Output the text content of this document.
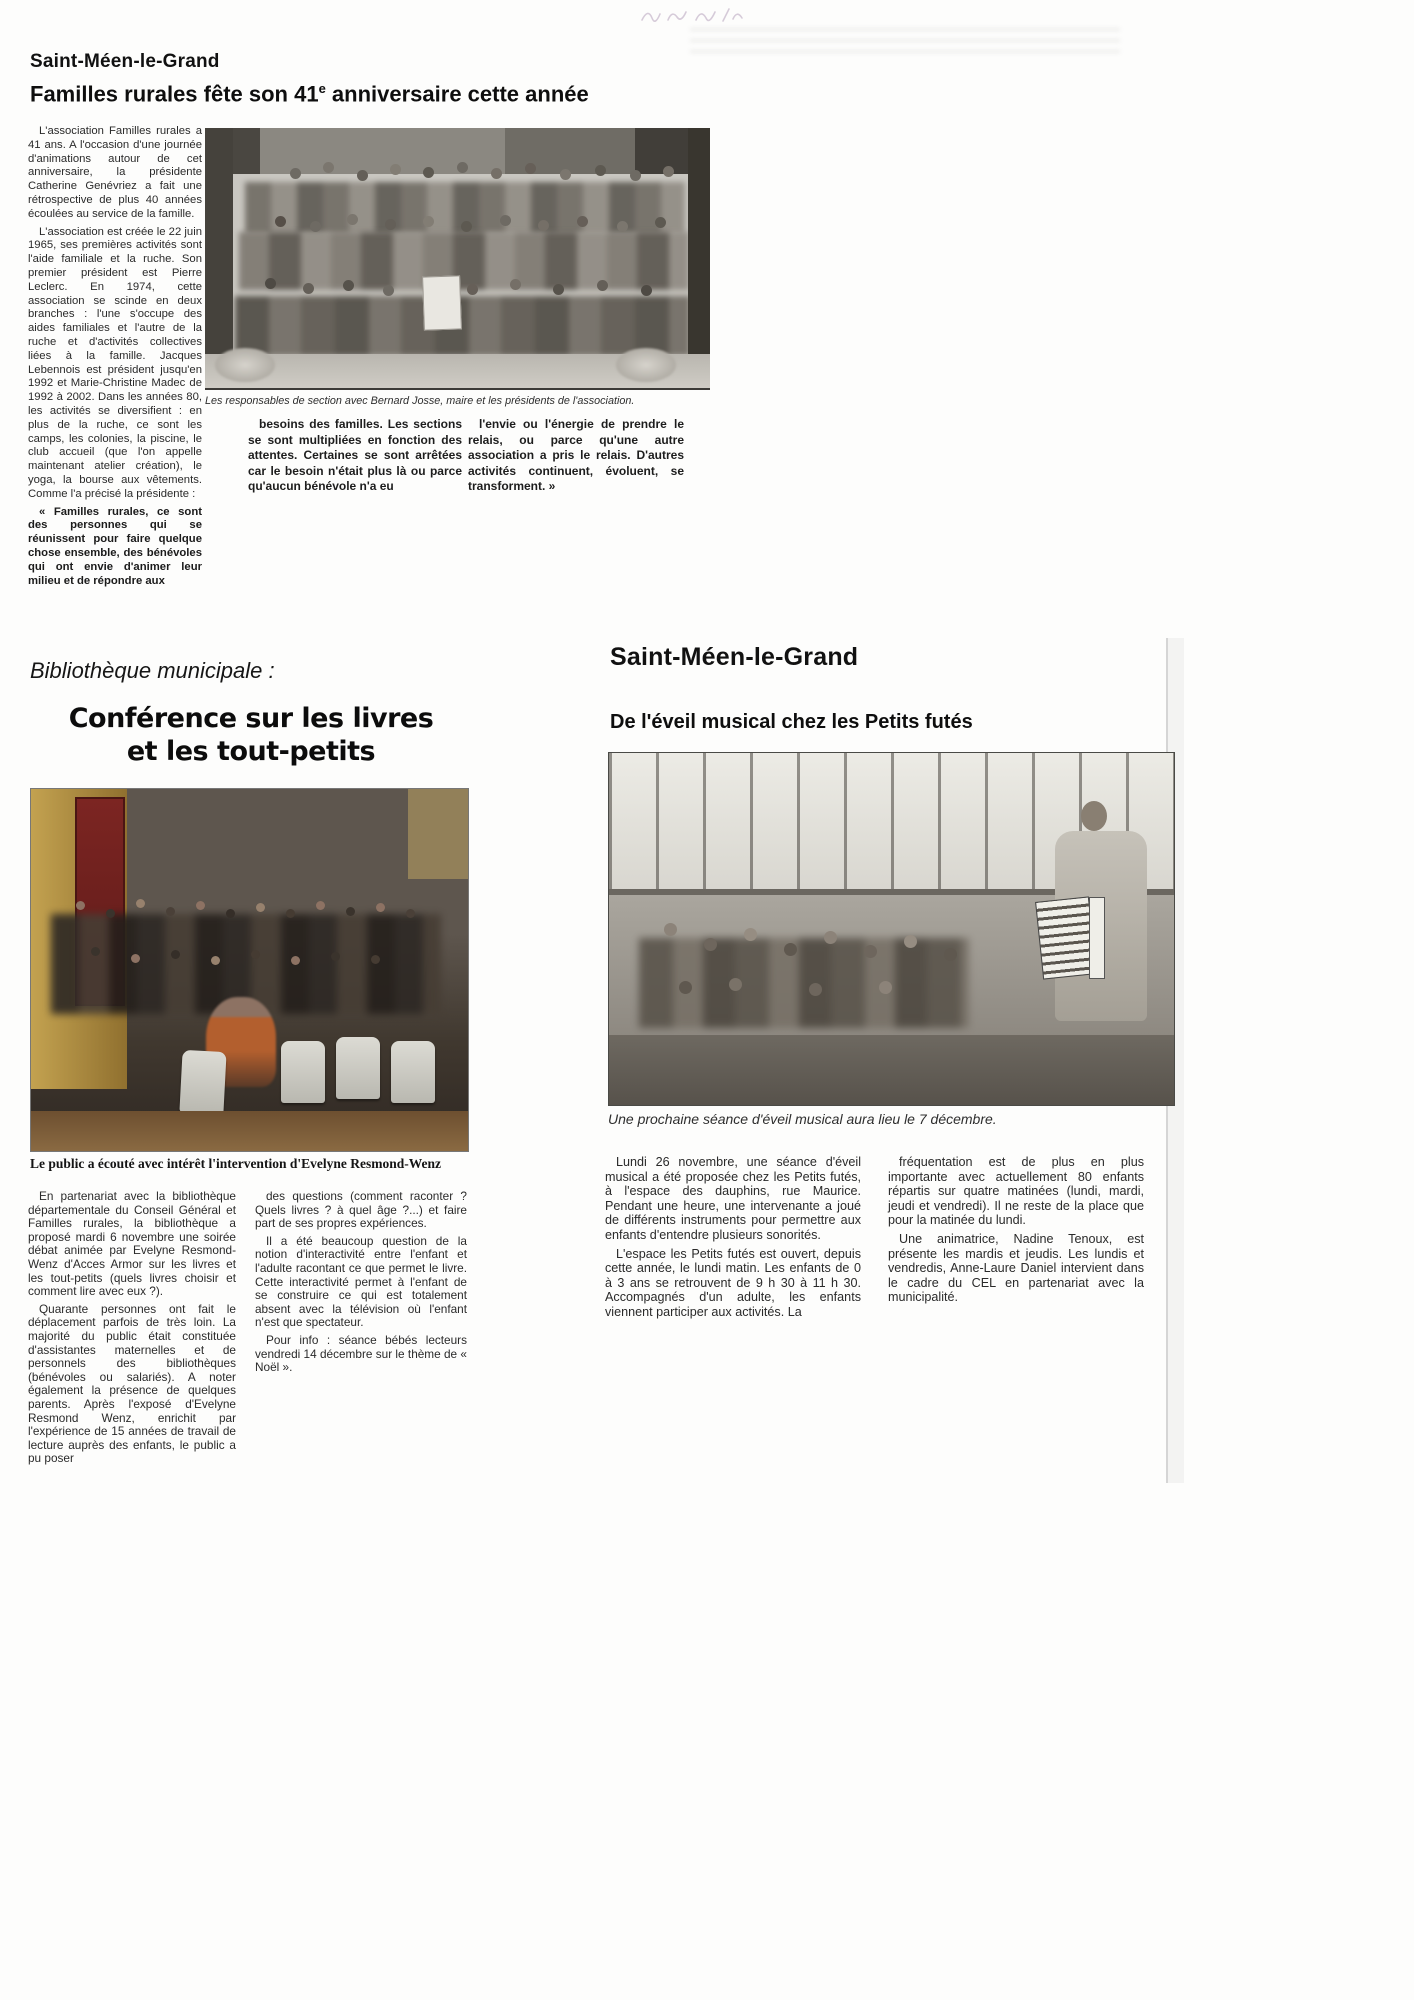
Saint-Méen-le-Grand
Familles rurales fête son 41e anniversaire cette année

L'association Familles rurales a 41 ans. A l'occasion d'une journée d'animations autour de cet anniversaire, la présidente Catherine Genévriez a fait une rétrospective de plus 40 années écoulées au service de la famille.

L'association est créée le 22 juin 1965, ses premières activités sont l'aide familiale et la ruche. Son premier président est Pierre Leclerc. En 1974, cette association se scinde en deux branches : l'une s'occupe des aides familiales et l'autre de la ruche et d'activités collectives liées à la famille. Jacques Lebennois est président jusqu'en 1992 et Marie-Christine Madec de 1992 à 2002. Dans les années 80, les activités se diversifient : en plus de la ruche, ce sont les camps, les colonies, la piscine, le club accueil (que l'on appelle maintenant atelier création), le yoga, la bourse aux vêtements. Comme l'a précisé la présidente :

« Familles rurales, ce sont des personnes qui se réunissent pour faire quelque chose ensemble, des bénévoles qui ont envie d'animer leur milieu et de répondre aux

Les responsables de section avec Bernard Josse, maire et les présidents de l'association.

besoins des familles. Les sections se sont multipliées en fonction des attentes. Certaines se sont arrêtées car le besoin n'était plus là ou parce qu'aucun bénévole n'a eu

l'envie ou l'énergie de prendre le relais, ou parce qu'une autre association a pris le relais. D'autres activités continuent, évoluent, se transforment. »

Bibliothèque municipale :
Conférence sur les livres
et les tout-petits
Le public a écouté avec intérêt l'intervention d'Evelyne Resmond-Wenz

En partenariat avec la bibliothèque départementale du Conseil Général et Familles rurales, la bibliothèque a proposé mardi 6 novembre une soirée débat animée par Evelyne Resmond-Wenz d'Acces Armor sur les livres et les tout-petits (quels livres choisir et comment lire avec eux ?).

Quarante personnes ont fait le déplacement parfois de très loin. La majorité du public était constituée d'assistantes maternelles et de personnels des bibliothèques (bénévoles ou salariés). A noter également la présence de quelques parents. Après l'exposé d'Evelyne Resmond Wenz, enrichit par l'expérience de 15 années de travail de lecture auprès des enfants, le public a pu poser

des questions (comment raconter ? Quels livres ? à quel âge ?...) et faire part de ses propres expériences.

Il a été beaucoup question de la notion d'interactivité entre l'enfant et l'adulte racontant ce que permet le livre. Cette interactivité permet à l'enfant de se construire ce qui est totalement absent avec la télévision où l'enfant n'est que spectateur.

Pour info : séance bébés lecteurs vendredi 14 décembre sur le thème de « Noël ».

Saint-Méen-le-Grand
De l'éveil musical chez les Petits futés
Une prochaine séance d'éveil musical aura lieu le 7 décembre.

Lundi 26 novembre, une séance d'éveil musical a été proposée chez les Petits futés, à l'espace des dauphins, rue Maurice. Pendant une heure, une intervenante a joué de différents instruments pour permettre aux enfants d'entendre plusieurs sonorités.

L'espace les Petits futés est ouvert, depuis cette année, le lundi matin. Les enfants de 0 à 3 ans se retrouvent de 9 h 30 à 11 h 30. Accompagnés d'un adulte, les enfants viennent participer aux activités. La

fréquentation est de plus en plus importante avec actuellement 80 enfants répartis sur quatre matinées (lundi, mardi, jeudi et vendredi). Il ne reste de la place que pour la matinée du lundi.

Une animatrice, Nadine Tenoux, est présente les mardis et jeudis. Les lundis et vendredis, Anne-Laure Daniel intervient dans le cadre du CEL en partenariat avec la municipalité.
